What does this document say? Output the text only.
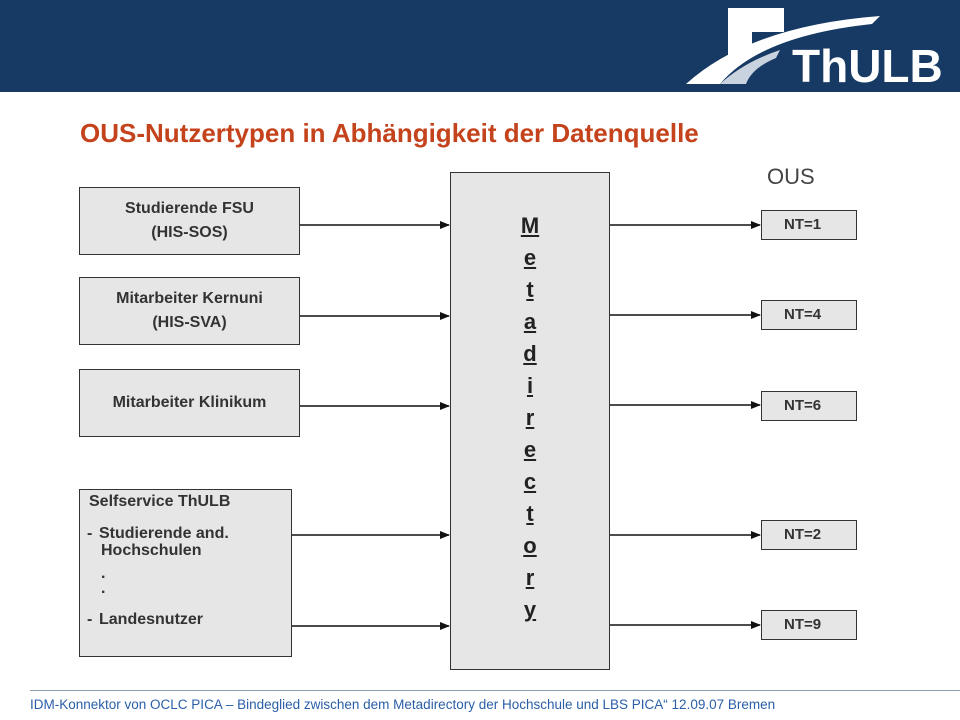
ThULB
OUS-Nutzertypen in Abhängigkeit der Datenquelle
OUS
Studierende FSU
(HIS-SOS)
Mitarbeiter Kernuni
(HIS-SVA)
Mitarbeiter Klinikum
Selfservice ThULB
- Studierende and.
Hochschulen
.
.
- Landesnutzer
M
e
t
a
d
i
r
e
c
t
o
r
y
NT=1
NT=4
NT=6
NT=2
NT=9
IDM-Konnektor von OCLC PICA – Bindeglied zwischen dem Metadirectory der Hochschule und LBS PICA“ 12.09.07 Bremen
